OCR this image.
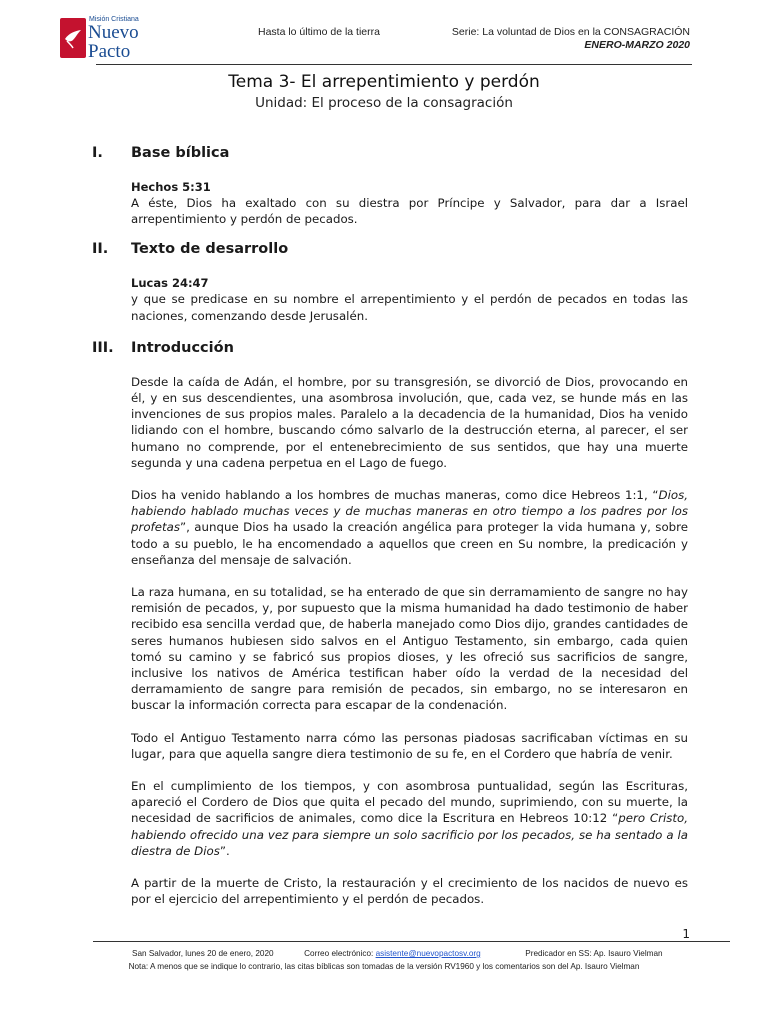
Misión Cristiana
Nuevo
Pacto
Hasta lo último de la tierra	Serie: La voluntad de Dios en la CONSAGRACIÓN
ENERO-MARZO 2020
Tema 3- El arrepentimiento y perdón
Unidad: El proceso de la consagración
I. Base bíblica
Hechos 5:31

A éste, Dios ha exaltado con su diestra por Príncipe y Salvador, para dar a Israel arrepentimiento y perdón de pecados.

II. Texto de desarrollo
Lucas 24:47

y que se predicase en su nombre el arrepentimiento y el perdón de pecados en todas las naciones, comenzando desde Jerusalén.

III. Introducción

Desde la caída de Adán, el hombre, por su transgresión, se divorció de Dios, provocando en él, y en sus descendientes, una asombrosa involución, que, cada vez, se hunde más en las invenciones de sus propios males. Paralelo a la decadencia de la humanidad, Dios ha venido lidiando con el hombre, buscando cómo salvarlo de la destrucción eterna, al parecer, el ser humano no comprende, por el entenebrecimiento de sus sentidos, que hay una muerte segunda y una cadena perpetua en el Lago de fuego.

Dios ha venido hablando a los hombres de muchas maneras, como dice Hebreos 1:1, “Dios, habiendo hablado muchas veces y de muchas maneras en otro tiempo a los padres por los profetas”, aunque Dios ha usado la creación angélica para proteger la vida humana y, sobre todo a su pueblo, le ha encomendado a aquellos que creen en Su nombre, la predicación y enseñanza del mensaje de salvación.

La raza humana, en su totalidad, se ha enterado de que sin derramamiento de sangre no hay remisión de pecados, y, por supuesto que la misma humanidad ha dado testimonio de haber recibido esa sencilla verdad que, de haberla manejado como Dios dijo, grandes cantidades de seres humanos hubiesen sido salvos en el Antiguo Testamento, sin embargo, cada quien tomó su camino y se fabricó sus propios dioses, y les ofreció sus sacrificios de sangre, inclusive los nativos de América testifican haber oído la verdad de la necesidad del derramamiento de sangre para remisión de pecados, sin embargo, no se interesaron en buscar la información correcta para escapar de la condenación.

Todo el Antiguo Testamento narra cómo las personas piadosas sacrificaban víctimas en su lugar, para que aquella sangre diera testimonio de su fe, en el Cordero que habría de venir.

En el cumplimiento de los tiempos, y con asombrosa puntualidad, según las Escrituras, apareció el Cordero de Dios que quita el pecado del mundo, suprimiendo, con su muerte, la necesidad de sacrificios de animales, como dice la Escritura en Hebreos 10:12 “pero Cristo, habiendo ofrecido una vez para siempre un solo sacrificio por los pecados, se ha sentado a la diestra de Dios”.

A partir de la muerte de Cristo, la restauración y el crecimiento de los nacidos de nuevo es por el ejercicio del arrepentimiento y el perdón de pecados.

1
San Salvador, lunes 20 de enero, 2020	Correo electrónico: asistente@nuevopactosv.org	Predicador en SS: Ap. Isauro Vielman
Nota: A menos que se indique lo contrario, las citas bíblicas son tomadas de la versión RV1960 y los comentarios son del Ap. Isauro Vielman
